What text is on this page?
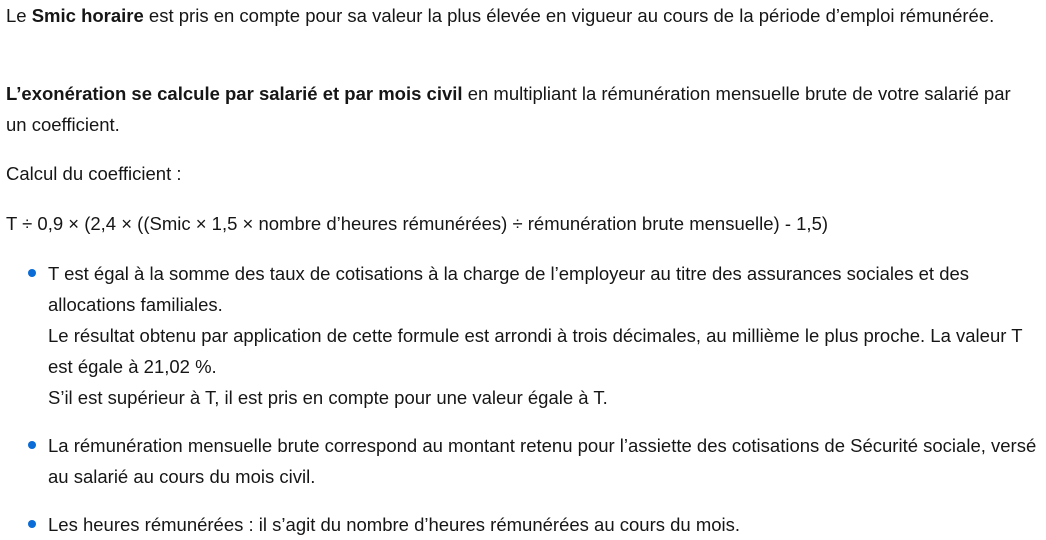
Le Smic horaire est pris en compte pour sa valeur la plus élevée en vigueur au cours de la période d’emploi rémunérée.

L’exonération se calcule par salarié et par mois civil en multipliant la rémunération mensuelle brute de votre salarié par un coefficient.

Calcul du coefficient :

T ÷ 0,9 × (2,4 × ((Smic × 1,5 × nombre d’heures rémunérées) ÷ rémunération brute mensuelle) - 1,5)

T est égal à la somme des taux de cotisations à la charge de l’employeur au titre des assurances sociales et des allocations familiales.
Le résultat obtenu par application de cette formule est arrondi à trois décimales, au millième le plus proche. La valeur T est égale à 21,02 %.
S’il est supérieur à T, il est pris en compte pour une valeur égale à T.
La rémunération mensuelle brute correspond au montant retenu pour l’assiette des cotisations de Sécurité sociale, versé au salarié au cours du mois civil.
Les heures rémunérées : il s’agit du nombre d’heures rémunérées au cours du mois.
